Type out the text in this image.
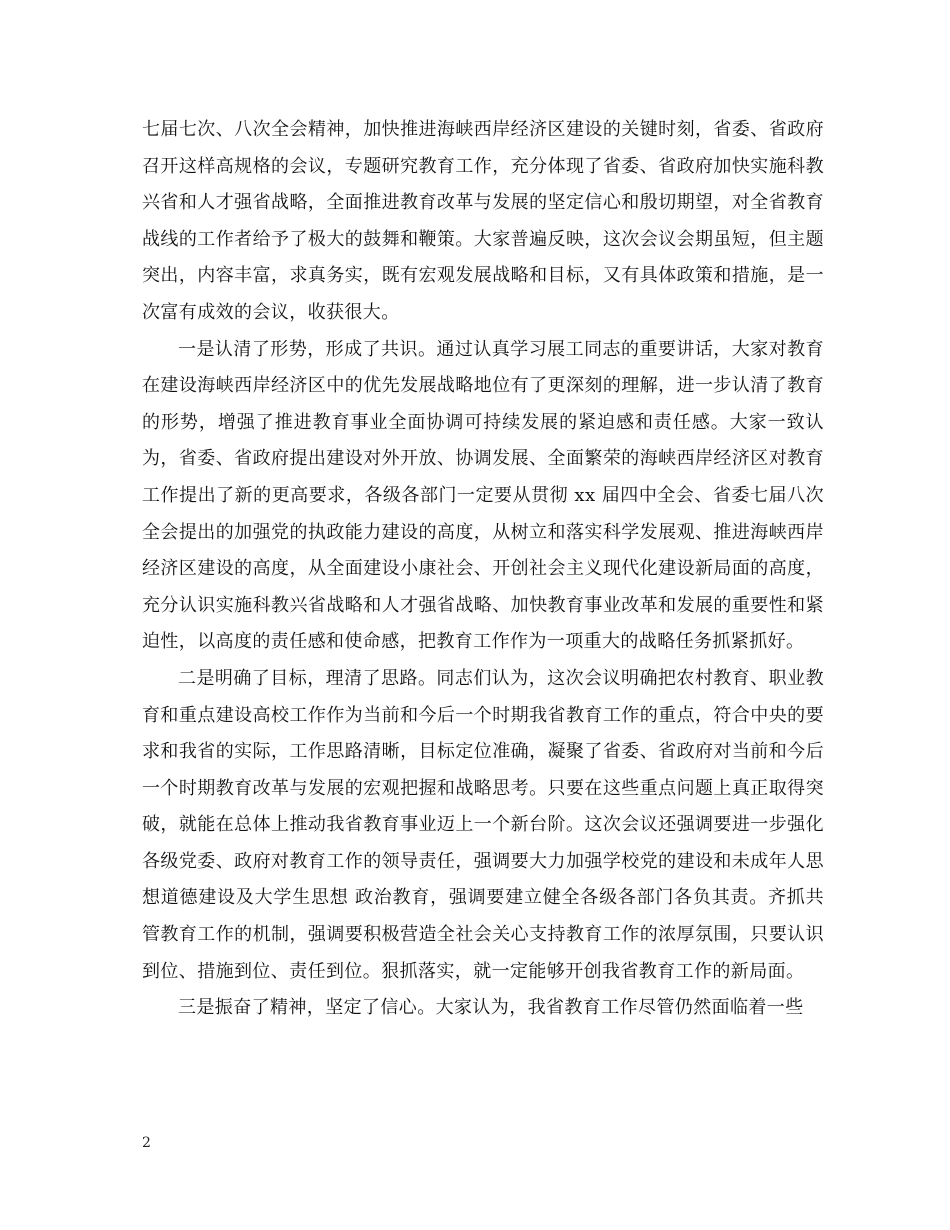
七届七次、八次全会精神，加快推进海峡西岸经济区建设的关键时刻，省委、省政府召开这样高规格的会议，专题研究教育工作，充分体现了省委、省政府加快实施科教兴省和人才强省战略，全面推进教育改革与发展的坚定信心和殷切期望，对全省教育战线的工作者给予了极大的鼓舞和鞭策。大家普遍反映，这次会议会期虽短，但主题突出，内容丰富，求真务实，既有宏观发展战略和目标，又有具体政策和措施，是一次富有成效的会议，收获很大。

一是认清了形势，形成了共识。通过认真学习展工同志的重要讲话，大家对教育在建设海峡西岸经济区中的优先发展战略地位有了更深刻的理解，进一步认清了教育的形势，增强了推进教育事业全面协调可持续发展的紧迫感和责任感。大家一致认为，省委、省政府提出建设对外开放、协调发展、全面繁荣的海峡西岸经济区对教育工作提出了新的更高要求，各级各部门一定要从贯彻 xx 届四中全会、省委七届八次全会提出的加强党的执政能力建设的高度，从树立和落实科学发展观、推进海峡西岸经济区建设的高度，从全面建设小康社会、开创社会主义现代化建设新局面的高度，充分认识实施科教兴省战略和人才强省战略、加快教育事业改革和发展的重要性和紧迫性，以高度的责任感和使命感，把教育工作作为一项重大的战略任务抓紧抓好。

二是明确了目标，理清了思路。同志们认为，这次会议明确把农村教育、职业教育和重点建设高校工作作为当前和今后一个时期我省教育工作的重点，符合中央的要求和我省的实际，工作思路清晰，目标定位准确，凝聚了省委、省政府对当前和今后一个时期教育改革与发展的宏观把握和战略思考。只要在这些重点问题上真正取得突破，就能在总体上推动我省教育事业迈上一个新台阶。这次会议还强调要进一步强化各级党委、政府对教育工作的领导责任，强调要大力加强学校党的建设和未成年人思想道德建设及大学生思想 政治教育，强调要建立健全各级各部门各负其责。齐抓共管教育工作的机制，强调要积极营造全社会关心支持教育工作的浓厚氛围，只要认识到位、措施到位、责任到位。狠抓落实，就一定能够开创我省教育工作的新局面。

三是振奋了精神，坚定了信心。大家认为，我省教育工作尽管仍然面临着一些

2
